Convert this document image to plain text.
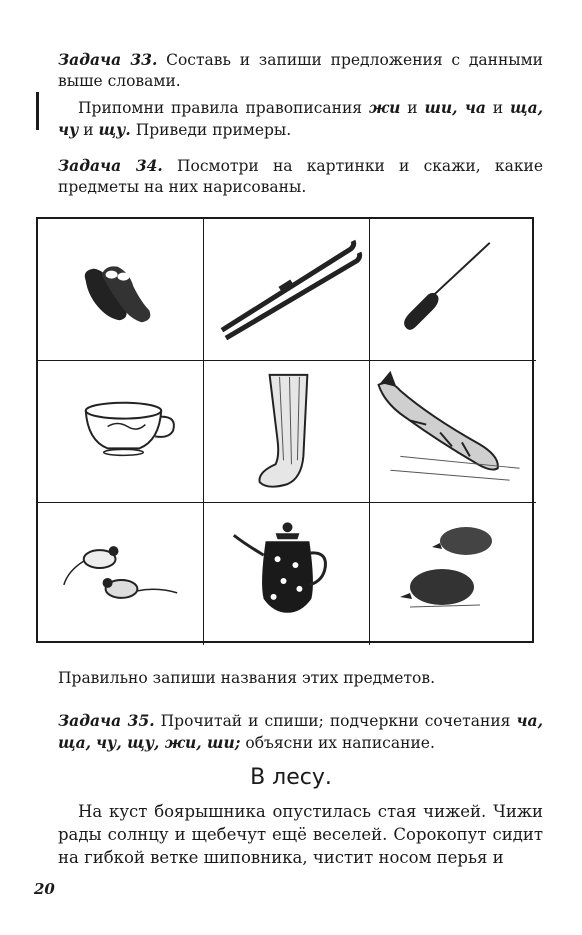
Задача 33. Составь и запиши предложения с данными выше словами.
Припомни правила правописания жи и ши, ча и ща, чу и щу. Приведи примеры.
Задача 34. Посмотри на картинки и скажи, какие предметы на них нарисованы.
Правильно запиши названия этих предметов.
Задача 35. Прочитай и спиши; подчеркни сочетания ча, ща, чу, щу, жи, ши; объясни их написание.
В лесу.
На куст боярышника опустилась стая чижей. Чижи рады солнцу и щебечут ещё веселей. Сорокопут сидит на гибкой ветке шиповника, чистит носом перья и
20
